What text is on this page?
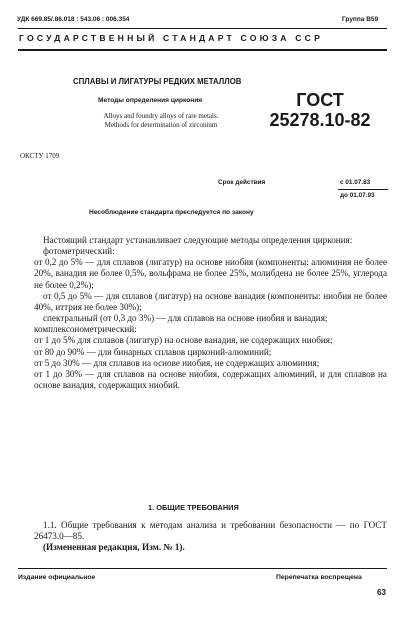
УДК 669.85/.86.018 : 543.06 : 006.354	Группа В59
ГОСУДАРСТВЕННЫЙ СТАНДАРТ СОЮЗА ССР
СПЛАВЫ И ЛИГАТУРЫ РЕДКИХ МЕТАЛЛОВ
Методы определения циркония
Alloys and foundry alloys of rare metals.
Methods for determination of zirconium
ГОСТ
25278.10-82
ОКСТУ 1709
Срок действия	с 01.07.83
до 01.07.93
Несоблюдение стандарта преследуется по закону

Настоящий стандарт устанавливает следующие методы определения циркония:

фотометрический:

от 0,2 до 5% — для сплавов (лигатур) на основе ниобия (компоненты: алюминия не более 20%, ванадия не более 0,5%, вольфрама не более 25%, молибдена не более 25%, углерода не более 0,2%);

от 0,5 до 5% — для сплавов (лигатур) на основе ванадия (компоненты: ниобия не более 40%, иттрия не более 30%);

спектральный (от 0,3 до 3%) — для сплавов на основе ниобия и ванадия;

комплексонометрический:

от 1 до 5% для сплавов (лигатур) на основе ванадия, не содержащих ниобия;

от 80 до 90% — для бинарных сплавов цирконий-алюминий;

от 5 до 30% — для сплавов на основе ниобия, не содержащих алюминия;

от 1 до 30% — для сплавов на основе ниобия, содержащих алюминий, и для сплавов на основе ванадия, содержащих ниобий.

1. ОБЩИЕ ТРЕБОВАНИЯ

1.1. Общие требования к методам анализа и требовании безопасности — по ГОСТ 26473.0—85.

(Измененная редакция, Изм. № 1).

Издание официальное	Перепечатка воспрещена
63
